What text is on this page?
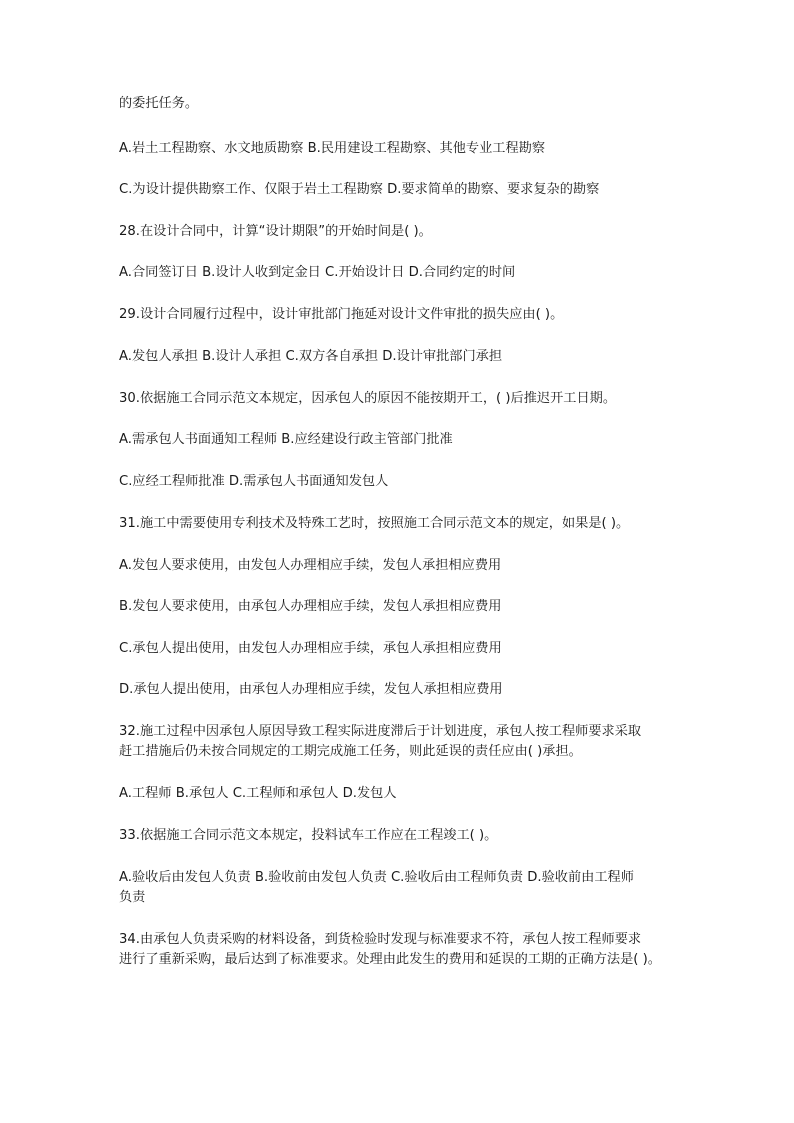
的委托任务。
A.岩土工程勘察、水文地质勘察 B.民用建设工程勘察、其他专业工程勘察
C.为设计提供勘察工作、仅限于岩土工程勘察 D.要求简单的勘察、要求复杂的勘察
28.在设计合同中，计算“设计期限”的开始时间是( )。
A.合同签订日 B.设计人收到定金日 C.开始设计日 D.合同约定的时间
29.设计合同履行过程中，设计审批部门拖延对设计文件审批的损失应由( )。
A.发包人承担 B.设计人承担 C.双方各自承担 D.设计审批部门承担
30.依据施工合同示范文本规定，因承包人的原因不能按期开工，( )后推迟开工日期。
A.需承包人书面通知工程师 B.应经建设行政主管部门批准
C.应经工程师批准 D.需承包人书面通知发包人
31.施工中需要使用专利技术及特殊工艺时，按照施工合同示范文本的规定，如果是( )。
A.发包人要求使用，由发包人办理相应手续，发包人承担相应费用
B.发包人要求使用，由承包人办理相应手续，发包人承担相应费用
C.承包人提出使用，由发包人办理相应手续，承包人承担相应费用
D.承包人提出使用，由承包人办理相应手续，发包人承担相应费用
32.施工过程中因承包人原因导致工程实际进度滞后于计划进度，承包人按工程师要求采取
赶工措施后仍未按合同规定的工期完成施工任务，则此延误的责任应由( )承担。
A.工程师 B.承包人 C.工程师和承包人 D.发包人
33.依据施工合同示范文本规定，投料试车工作应在工程竣工( )。
A.验收后由发包人负责 B.验收前由发包人负责 C.验收后由工程师负责 D.验收前由工程师
负责
34.由承包人负责采购的材料设备，到货检验时发现与标准要求不符，承包人按工程师要求
进行了重新采购，最后达到了标准要求。处理由此发生的费用和延误的工期的正确方法是( )。
